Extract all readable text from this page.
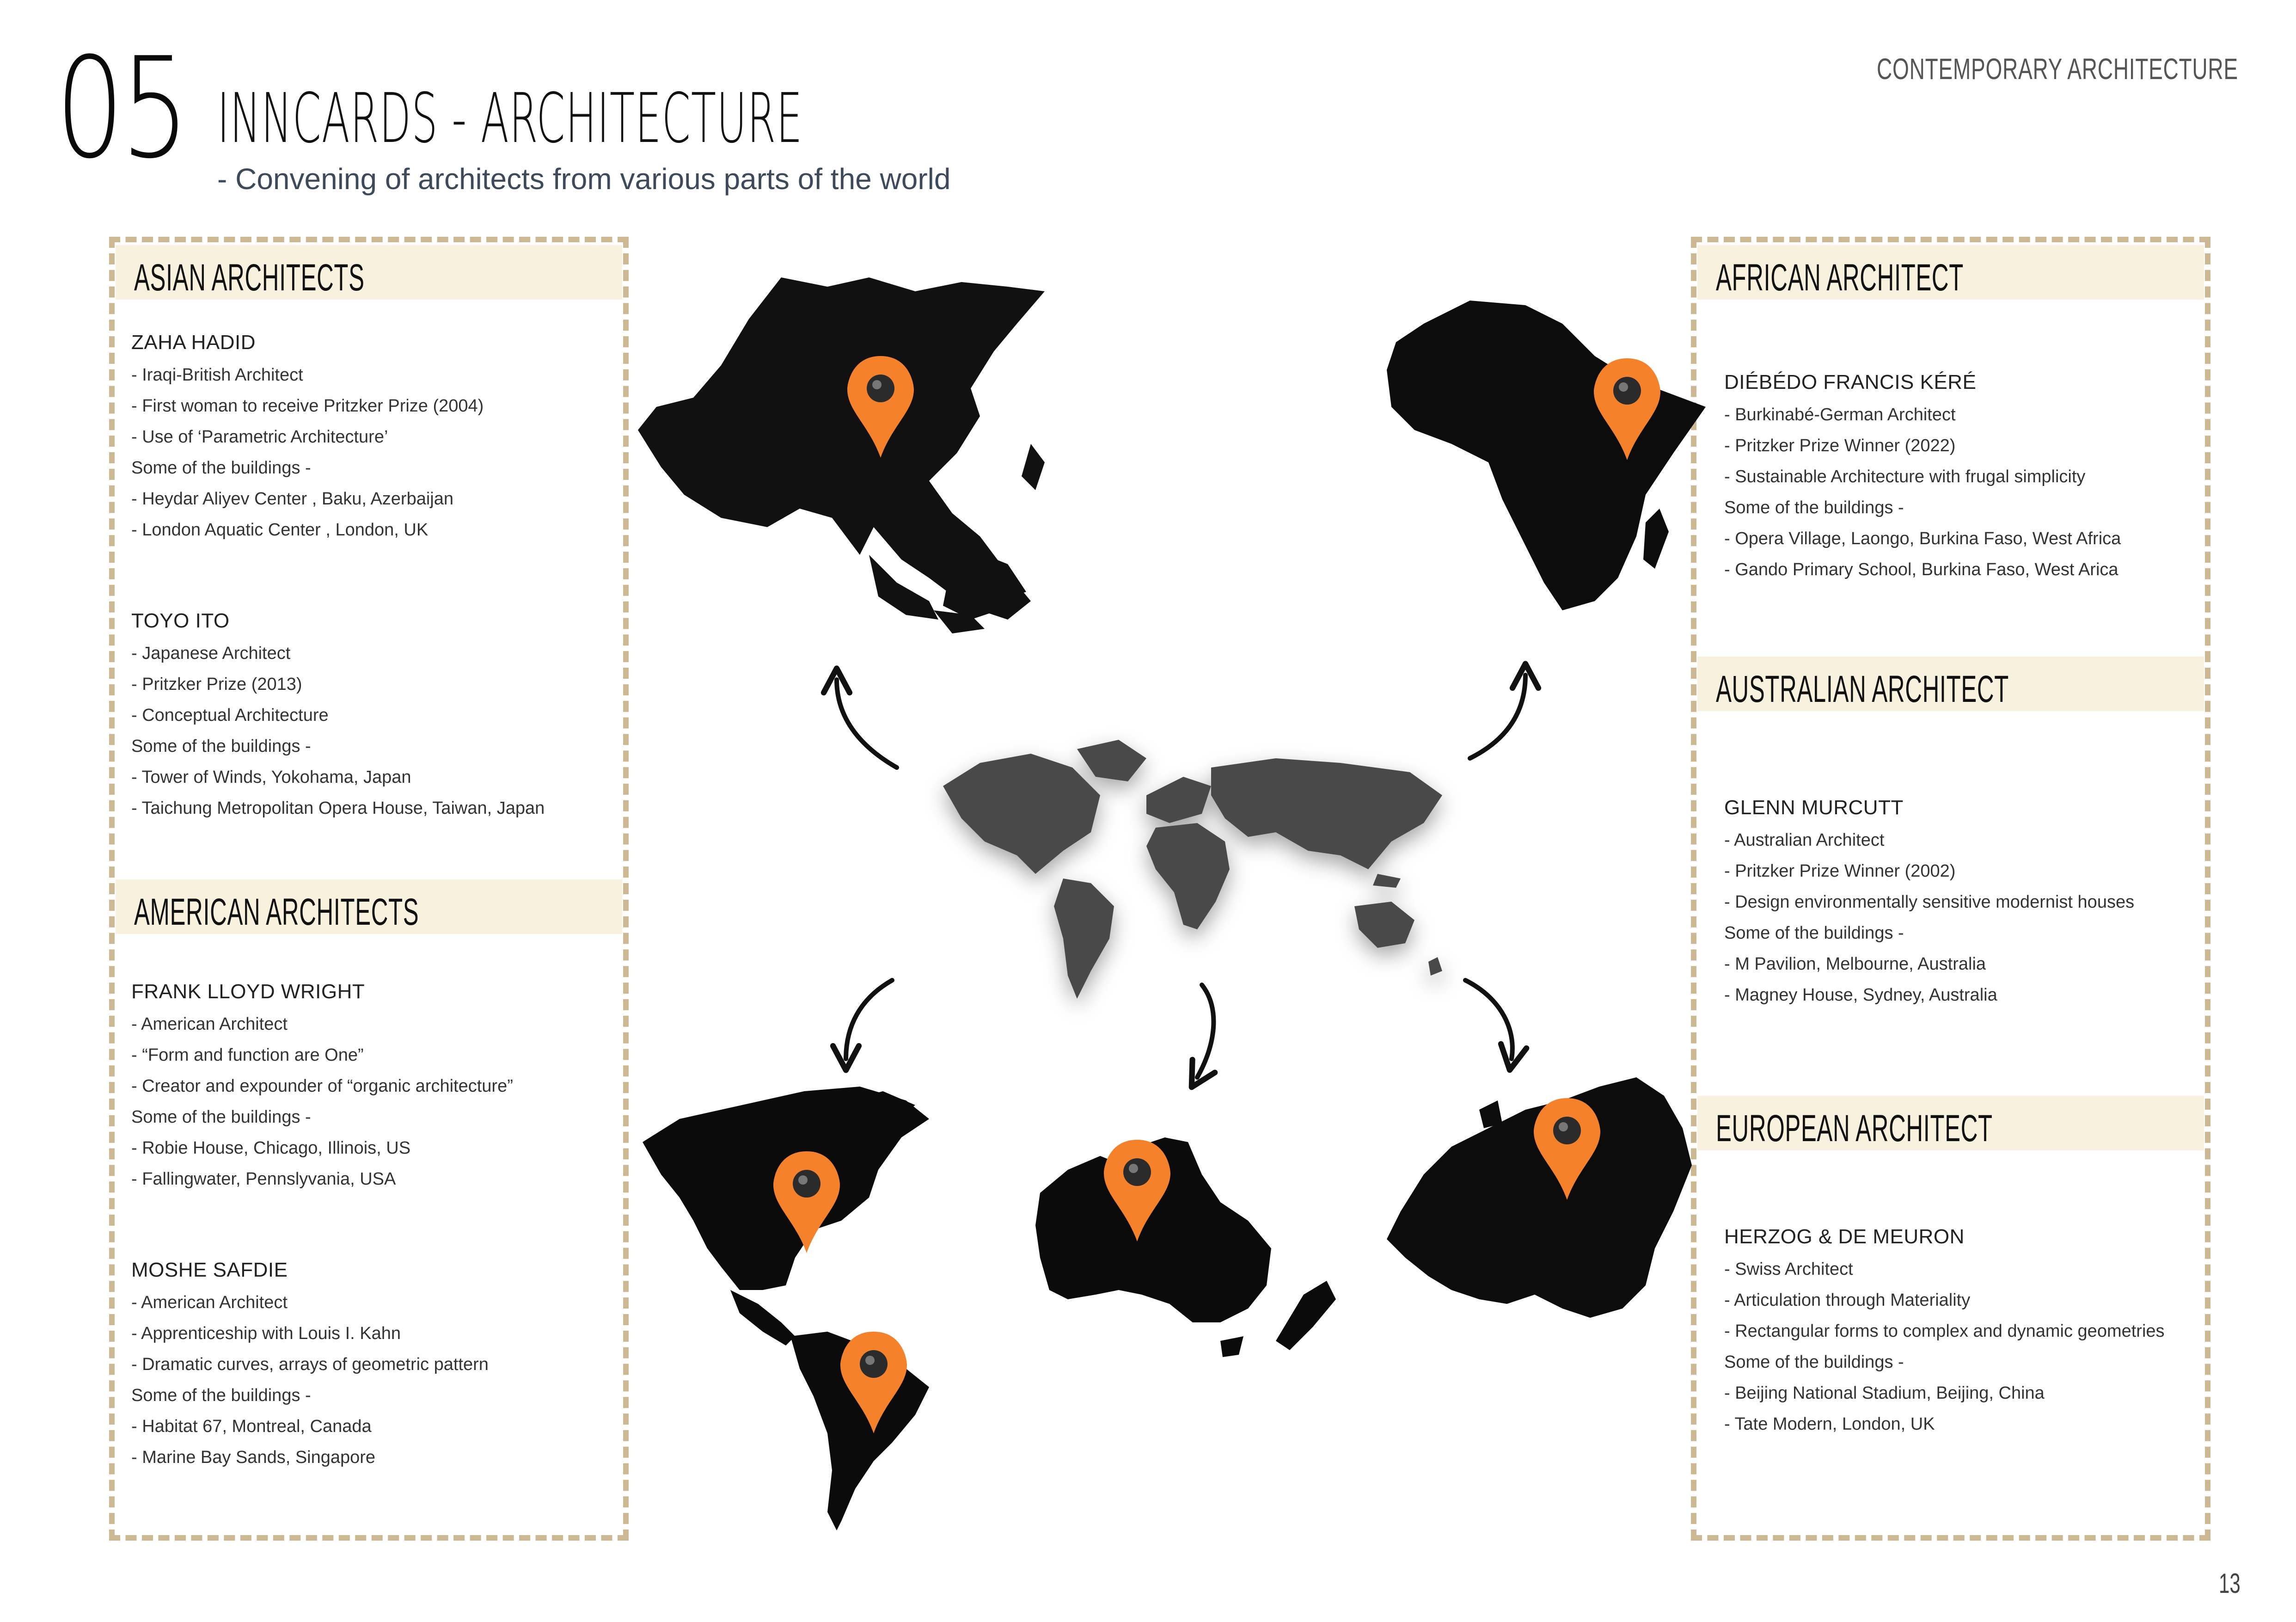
05 INNCARDS - ARCHITECTURE
- Convening of architects from various parts of the world
CONTEMPORARY ARCHITECTURE
13
ASIAN ARCHITECTS
AMERICAN ARCHITECTS
ZAHA HADID
- Iraqi-British Architect
- First woman to receive Pritzker Prize (2004)
- Use of ‘Parametric Architecture’
Some of the buildings -
- Heydar Aliyev Center , Baku, Azerbaijan
- London Aquatic Center , London, UK
TOYO ITO
- Japanese Architect
- Pritzker Prize (2013)
- Conceptual Architecture
Some of the buildings -
- Tower of Winds, Yokohama, Japan
- Taichung Metropolitan Opera House, Taiwan, Japan
FRANK LLOYD WRIGHT
- American Architect
- “Form and function are One”
- Creator and expounder of “organic architecture”
Some of the buildings -
- Robie House, Chicago, Illinois, US
- Fallingwater, Pennslyvania, USA
MOSHE SAFDIE
- American Architect
- Apprenticeship with Louis I. Kahn
- Dramatic curves, arrays of geometric pattern
Some of the buildings -
- Habitat 67, Montreal, Canada
- Marine Bay Sands, Singapore
AFRICAN ARCHITECT
AUSTRALIAN ARCHITECT
EUROPEAN ARCHITECT
DIÉBÉDO FRANCIS KÉRÉ
- Burkinabé-German Architect
- Pritzker Prize Winner (2022)
- Sustainable Architecture with frugal simplicity
Some of the buildings -
- Opera Village, Laongo, Burkina Faso, West Africa
- Gando Primary School, Burkina Faso, West Arica
GLENN MURCUTT
- Australian Architect
- Pritzker Prize Winner (2002)
- Design environmentally sensitive modernist houses
Some of the buildings -
- M Pavilion, Melbourne, Australia
- Magney House, Sydney, Australia
HERZOG & DE MEURON
- Swiss Architect
- Articulation through Materiality
- Rectangular forms to complex and dynamic geometries
Some of the buildings -
- Beijing National Stadium, Beijing, China
- Tate Modern, London, UK
